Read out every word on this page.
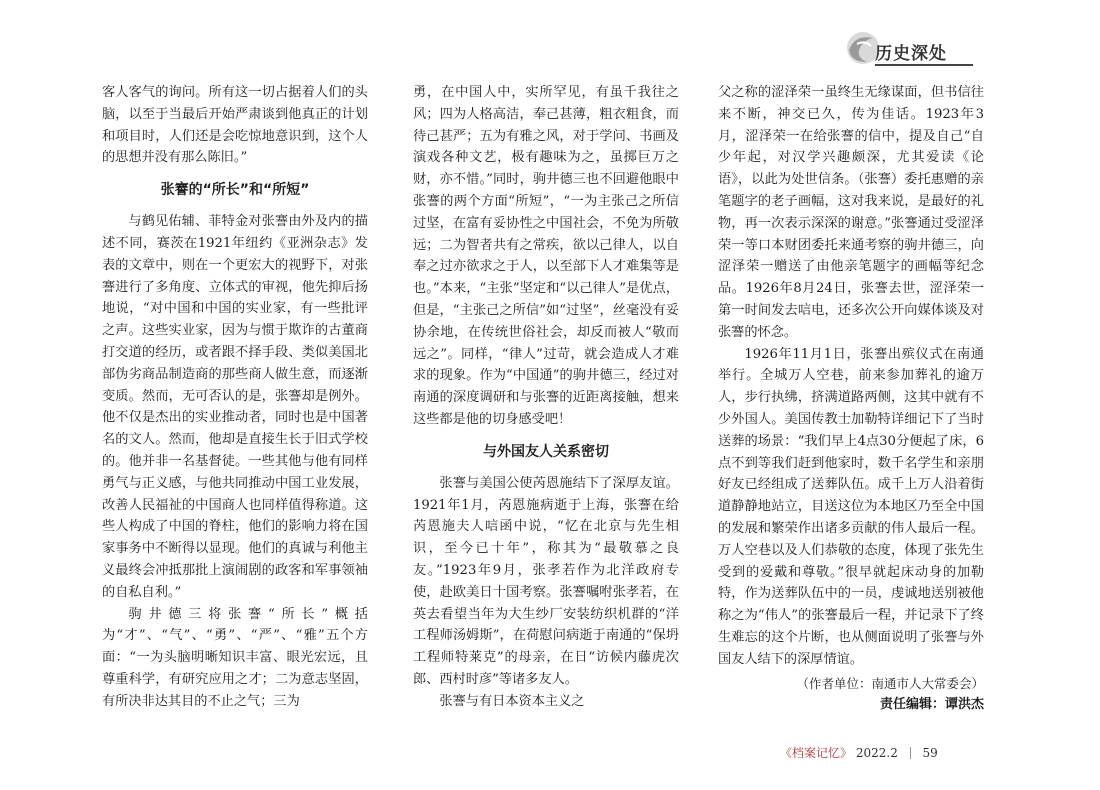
历史深处

客人客气的询问。所有这一切占据着人们的头脑，以至于当最后开始严肃谈到他真正的计划和项目时，人们还是会吃惊地意识到，这个人的思想并没有那么陈旧。”

张謇的“所长”和“所短”

与鹤见佑辅、菲特金对张謇由外及内的描述不同，赛茨在1921年纽约《亚洲杂志》发表的文章中，则在一个更宏大的视野下，对张謇进行了多角度、立体式的审视，他先抑后扬地说，“对中国和中国的实业家，有一些批评之声。这些实业家，因为与惯于欺诈的古董商打交道的经历，或者跟不择手段、类似美国北部伪劣商品制造商的那些商人做生意，而逐渐变质。然而，无可否认的是，张謇却是例外。他不仅是杰出的实业推动者，同时也是中国著名的文人。然而，他却是直接生长于旧式学校的。他并非一名基督徒。一些其他与他有同样勇气与正义感，与他共同推动中国工业发展，改善人民福祉的中国商人也同样值得称道。这些人构成了中国的脊柱，他们的影响力将在国家事务中不断得以显现。他们的真诚与利他主义最终会冲抵那批上演闹剧的政客和军事领袖的自私自利。”

驹井德三将张謇“所长”概括为“才”、“气”、“勇”、“严”、“雅”五个方面：“一为头脑明晰知识丰富、眼光宏远，且尊重科学，有研究应用之才；二为意志坚固，有所决非达其目的不止之气；三为

勇，在中国人中，实所罕见，有虽千我往之风；四为人格高洁，奉己甚薄，粗衣粗食，而待己甚严；五为有雅之风，对于学问、书画及演戏各种文艺，极有趣味为之，虽掷巨万之财，亦不惜。”同时，驹井德三也不回避他眼中张謇的两个方面“所短”，“一为主张己之所信过坚，在富有妥协性之中国社会，不免为所敬远；二为智者共有之常疾，欲以己律人，以自奉之过亦欲求之于人，以至部下人才难集等是也。”本来，“主张”坚定和“以己律人”是优点，但是，“主张己之所信”如“过坚”，丝毫没有妥协余地，在传统世俗社会，却反而被人“敬而远之”。同样，“律人”过苛，就会造成人才难求的现象。作为“中国通”的驹井德三，经过对南通的深度调研和与张謇的近距离接触，想来这些都是他的切身感受吧！

与外国友人关系密切

张謇与美国公使芮恩施结下了深厚友谊。1921年1月，芮恩施病逝于上海，张謇在给芮恩施夫人唁函中说，“忆在北京与先生相识，至今已十年”，称其为“最敬慕之良友。”1923年9月，张孝若作为北洋政府专使，赴欧美日十国考察。张謇嘱咐张孝若，在英去看望当年为大生纱厂安装纺织机群的“洋工程师汤姆斯”，在荷慰问病逝于南通的“保坍工程师特莱克”的母亲，在日“访候内藤虎次郎、西村时彦”等诸多友人。

张謇与有日本资本主义之

父之称的涩泽荣一虽终生无缘谋面，但书信往来不断，神交已久，传为佳话。1923年3月，涩泽荣一在给张謇的信中，提及自己“自少年起，对汉学兴趣颇深，尤其爱读《论语》，以此为处世信条。（张謇）委托惠赠的亲笔题字的老子画幅，这对我来说，是最好的礼物，再一次表示深深的谢意。”张謇通过受涩泽荣一等口本财团委托来通考察的驹井德三，向涩泽荣一赠送了由他亲笔题字的画幅等纪念品。1926年8月24日，张謇去世，涩泽荣一第一时间发去唁电，还多次公开向媒体谈及对张謇的怀念。

1926年11月1日，张謇出殡仪式在南通举行。全城万人空巷，前来参加葬礼的逾万人，步行执绋，挤满道路两侧，这其中就有不少外国人。美国传教士加勒特详细记下了当时送葬的场景：“我们早上4点30分便起了床，6点不到等我们赶到他家时，数千名学生和亲朋好友已经组成了送葬队伍。成千上万人沿着街道静静地站立，目送这位为本地区乃至全中国的发展和繁荣作出诸多贡献的伟人最后一程。万人空巷以及人们恭敬的态度，体现了张先生受到的爱戴和尊敬。”很早就起床动身的加勒特，作为送葬队伍中的一员，虔诚地送别被他称之为“伟人”的张謇最后一程，并记录下了终生难忘的这个片断，也从侧面说明了张謇与外国友人结下的深厚情谊。

（作者单位：南通市人大常委会）

责任编辑：谭洪杰

《档案记忆》 2022.2 59
